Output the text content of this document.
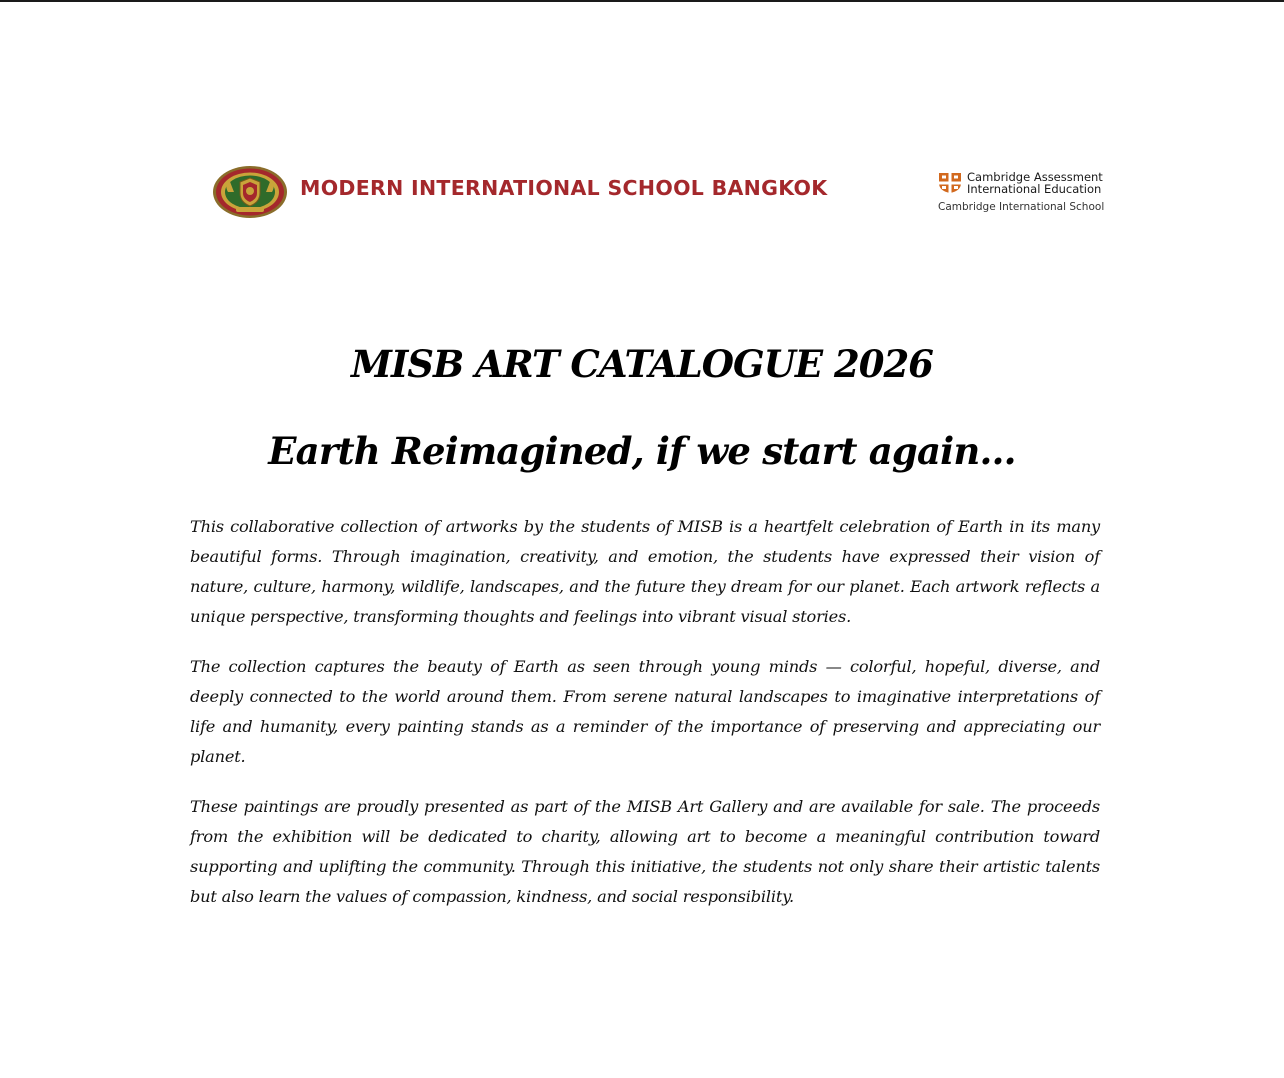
MODERN INTERNATIONAL SCHOOL BANGKOK	Cambridge Assessment
International Education
Cambridge International School
MISB ART CATALOGUE 2026
Earth Reimagined, if we start again…

This collaborative collection of artworks by the students of MISB is a heartfelt celebration of Earth in its many beautiful forms. Through imagination, creativity, and emotion, the students have expressed their vision of nature, culture, harmony, wildlife, landscapes, and the future they dream for our planet. Each artwork reflects a unique perspective, transforming thoughts and feelings into vibrant visual stories.

The collection captures the beauty of Earth as seen through young minds — colorful, hopeful, diverse, and deeply connected to the world around them. From serene natural landscapes to imaginative interpretations of life and humanity, every painting stands as a reminder of the importance of preserving and appreciating our planet.

These paintings are proudly presented as part of the MISB Art Gallery and are available for sale. The proceeds from the exhibition will be dedicated to charity, allowing art to become a meaningful contribution toward supporting and uplifting the community. Through this initiative, the students not only share their artistic talents but also learn the values of compassion, kindness, and social responsibility.
